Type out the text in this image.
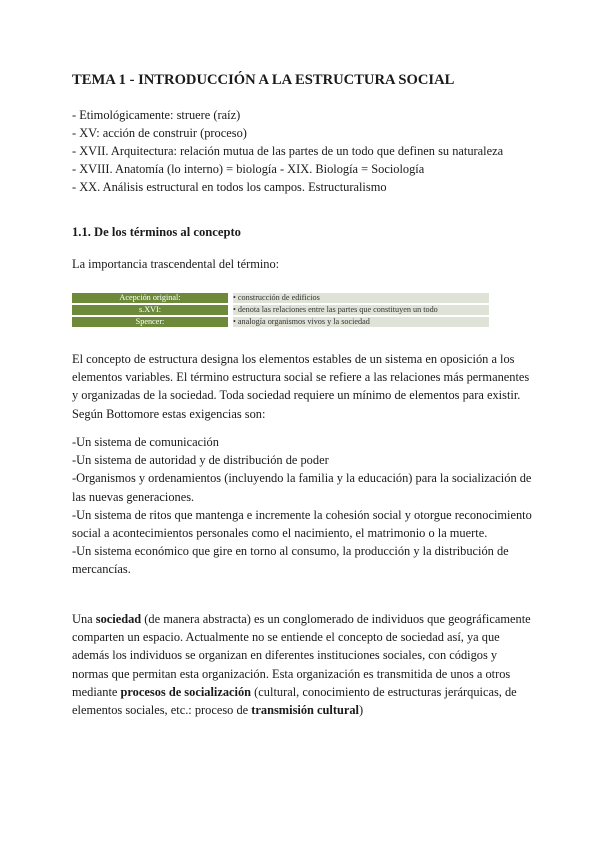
TEMA 1 - INTRODUCCIÓN A LA ESTRUCTURA SOCIAL
- Etimológicamente: struere (raíz)
- XV: acción de construir (proceso)
- XVII. Arquitectura: relación mutua de las partes de un todo que definen su naturaleza
- XVIII. Anatomía (lo interno) = biología - XIX. Biología = Sociología
- XX. Análisis estructural en todos los campos. Estructuralismo
1.1. De los términos al concepto
La importancia trascendental del término:
Acepción original:		• construcción de edificios
s.XVI:		• denota las relaciones entre las partes que constituyen un todo
Spencer:		• analogía organismos vivos y la sociedad
El concepto de estructura designa los elementos estables de un sistema en oposición a los elementos variables. El término estructura social se refiere a las relaciones más permanentes y organizadas de la sociedad. Toda sociedad requiere un mínimo de elementos para existir. Según Bottomore estas exigencias son:

-Un sistema de comunicación

-Un sistema de autoridad y de distribución de poder

-Organismos y ordenamientos (incluyendo la familia y la educación) para la socialización de las nuevas generaciones.

-Un sistema de ritos que mantenga e incremente la cohesión social y otorgue reconocimiento social a acontecimientos personales como el nacimiento, el matrimonio o la muerte.

-Un sistema económico que gire en torno al consumo, la producción y la distribución de mercancías.

Una sociedad (de manera abstracta) es un conglomerado de individuos que geográficamente comparten un espacio. Actualmente no se entiende el concepto de sociedad así, ya que además los individuos se organizan en diferentes instituciones sociales, con códigos y normas que permitan esta organización. Esta organización es transmitida de unos a otros mediante procesos de socialización (cultural, conocimiento de estructuras jerárquicas, de elementos sociales, etc.: proceso de transmisión cultural)
